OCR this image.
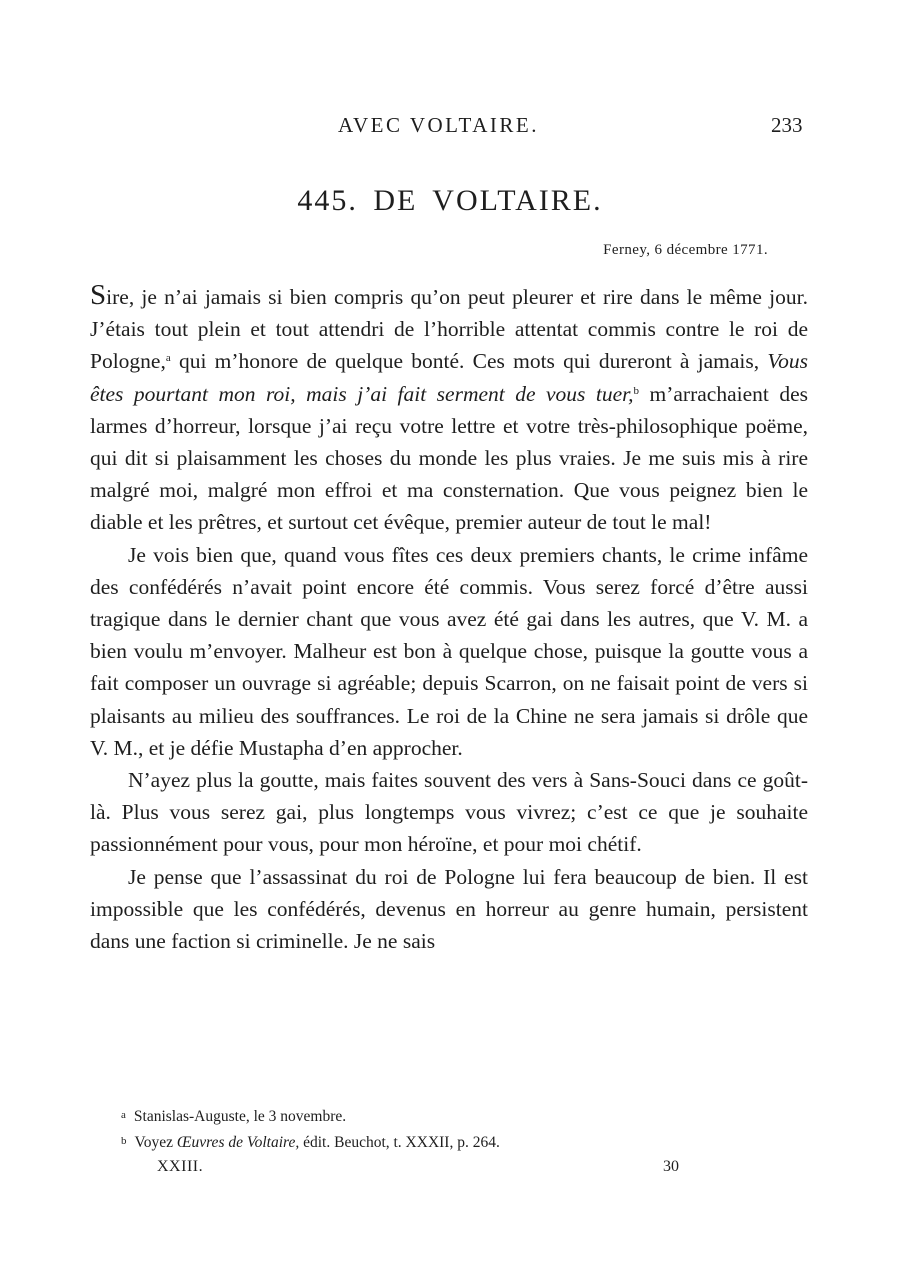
AVEC VOLTAIRE.	233
445. DE VOLTAIRE.
Ferney, 6 décembre 1771.

Sire, je n’ai jamais si bien compris qu’on peut pleurer et rire dans le même jour. J’étais tout plein et tout attendri de l’horrible attentat commis contre le roi de Pologne,$^a$ qui m’honore de quelque bonté. Ces mots qui dureront à jamais, Vous êtes pourtant mon roi, mais j’ai fait serment de vous tuer,$^b$ m’arrachaient des larmes d’horreur, lorsque j’ai reçu votre lettre et votre très-philosophique poëme, qui dit si plaisamment les choses du monde les plus vraies. Je me suis mis à rire malgré moi, malgré mon effroi et ma consternation. Que vous peignez bien le diable et les prêtres, et surtout cet évêque, premier auteur de tout le mal!

Je vois bien que, quand vous fîtes ces deux premiers chants, le crime infâme des confédérés n’avait point encore été commis. Vous serez forcé d’être aussi tragique dans le dernier chant que vous avez été gai dans les autres, que V. M. a bien voulu m’envoyer. Malheur est bon à quelque chose, puisque la goutte vous a fait composer un ouvrage si agréable; depuis Scarron, on ne faisait point de vers si plaisants au milieu des souffrances. Le roi de la Chine ne sera jamais si drôle que V. M., et je défie Mustapha d’en approcher.

N’ayez plus la goutte, mais faites souvent des vers à Sans-Souci dans ce goût-là. Plus vous serez gai, plus longtemps vous vivrez; c’est ce que je souhaite passionnément pour vous, pour mon héroïne, et pour moi chétif.

Je pense que l’assassinat du roi de Pologne lui fera beaucoup de bien. Il est impossible que les confédérés, devenus en horreur au genre humain, persistent dans une faction si criminelle. Je ne sais

a Stanislas-Auguste, le 3 novembre.
b Voyez Œuvres de Voltaire, édit. Beuchot, t. XXXII, p. 264.
XXIII.	30
